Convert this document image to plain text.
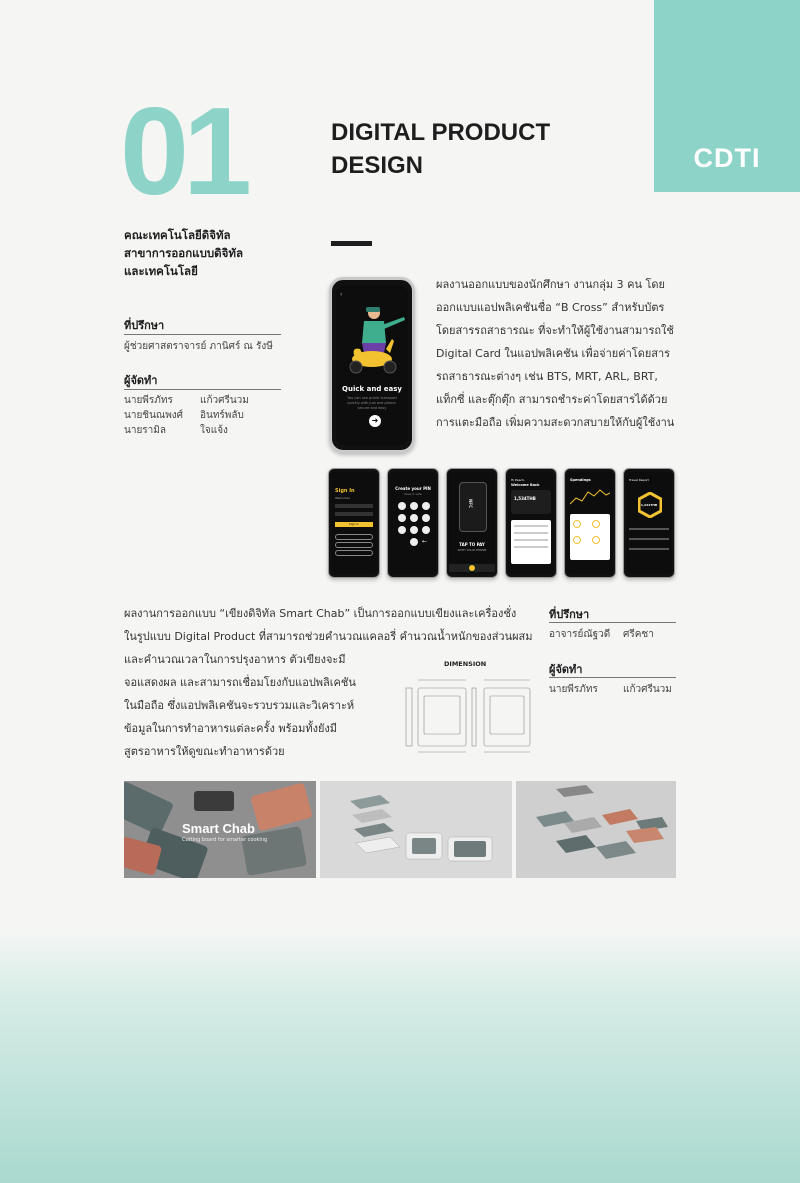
CDTI
01	DIGITAL PRODUCT
DESIGN
คณะเทคโนโลยีดิจิทัล
สาขาการออกแบบดิจิทัล
และเทคโนโลยี
ที่ปรึกษา
ผู้ช่วยศาสตราจารย์ ภานิศร์ ณ รังษี
ผู้จัดทำ
นายพีรภัทร	แก้วศรีนวม
นายชินณพงศ์	อินทร์พลับ
นายรามิล	ใจแจ้ง
‹
Quick and easy
You can use public transport quickly with just one phone, secure and easy
➜
ผลงานออกแบบของนักศึกษา งานกลุ่ม 3 คน โดย
ออกแบบแอปพลิเคชันชื่อ “B Cross” สำหรับบัตร
โดยสารรถสาธารณะ ที่จะทำให้ผู้ใช้งานสามารถใช้
Digital Card ในแอปพลิเคชัน เพื่อจ่ายค่าโดยสาร
รถสาธารณะต่างๆ เช่น BTS, MRT, ARL, BRT,
แท็กซี่ และตุ๊กตุ๊ก สามารถชำระค่าโดยสารได้ด้วย
การแตะมือถือ เพิ่มความสะดวกสบายให้กับผู้ใช้งาน
Sign In
Welcome!
Sign In
Create your PIN
Keep it safe
←
NFC
TAP TO PAY
WITH YOUR PHONE
Hi Peach,
Welcome Back
1,534THB
Spendings	Travel Report
1,222THB
ผลงานการออกแบบ “เขียงดิจิทัล Smart Chab” เป็นการออกแบบเขียงและเครื่องชั่ง
ในรูปแบบ Digital Product ที่สามารถช่วยคำนวณแคลอรี่ คำนวณน้ำหนักของส่วนผสม
และคำนวณเวลาในการปรุงอาหาร ตัวเขียงจะมี
จอแสดงผล และสามารถเชื่อมโยงกับแอปพลิเคชัน
ในมือถือ ซึ่งแอปพลิเคชันจะรวบรวมและวิเคราะห์
ข้อมูลในการทำอาหารแต่ละครั้ง พร้อมทั้งยังมี
สูตรอาหารให้ดูขณะทำอาหารด้วย
ที่ปรึกษา
อาจารย์ณัฐวดี	ศรีคชา
ผู้จัดทำ
นายพีรภัทร	แก้วศรีนวม
DIMENSION
Smart Chab
Cutting board for smarter cooking
